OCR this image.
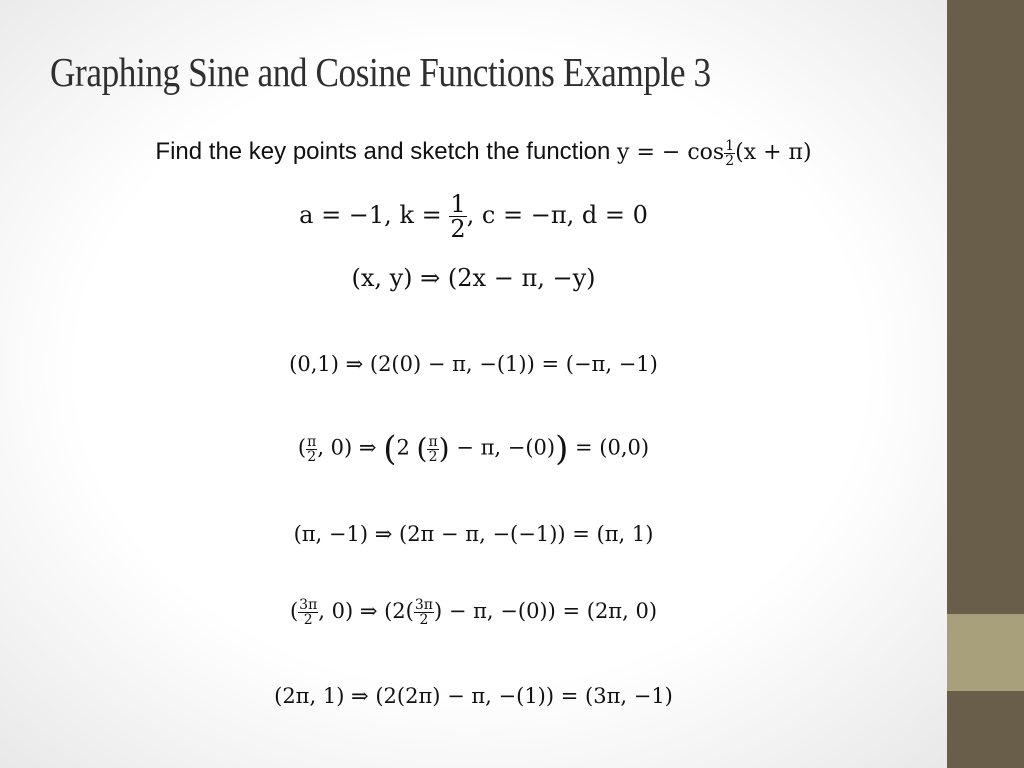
Graphing Sine and Cosine Functions Example 3
Find the key points and sketch the function y = − $\cos \frac{1}{2} (x + \pi)$
a = −1, $k = \frac{1}{2}$ , c = −π, d = 0
(x, y) ⇒ (2x − π, −y)
(0,1) ⇒ (2(0) − π, −(1)) = (−π, −1)
( $\frac{\pi}{2}$ , 0) ⇒ (2 ( $\frac{\pi}{2}$ ) − π, −(0)) = (0,0)
(π, −1) ⇒ (2π − π, −(−1)) = (π, 1)
( $\frac{3\pi}{2}$ , 0) ⇒ ($2( \frac{3\pi}{2}$ ) − π, −(0)) = (2π, 0)
(2π, 1) ⇒ (2(2π) − π, −(1)) = (3π, −1)
